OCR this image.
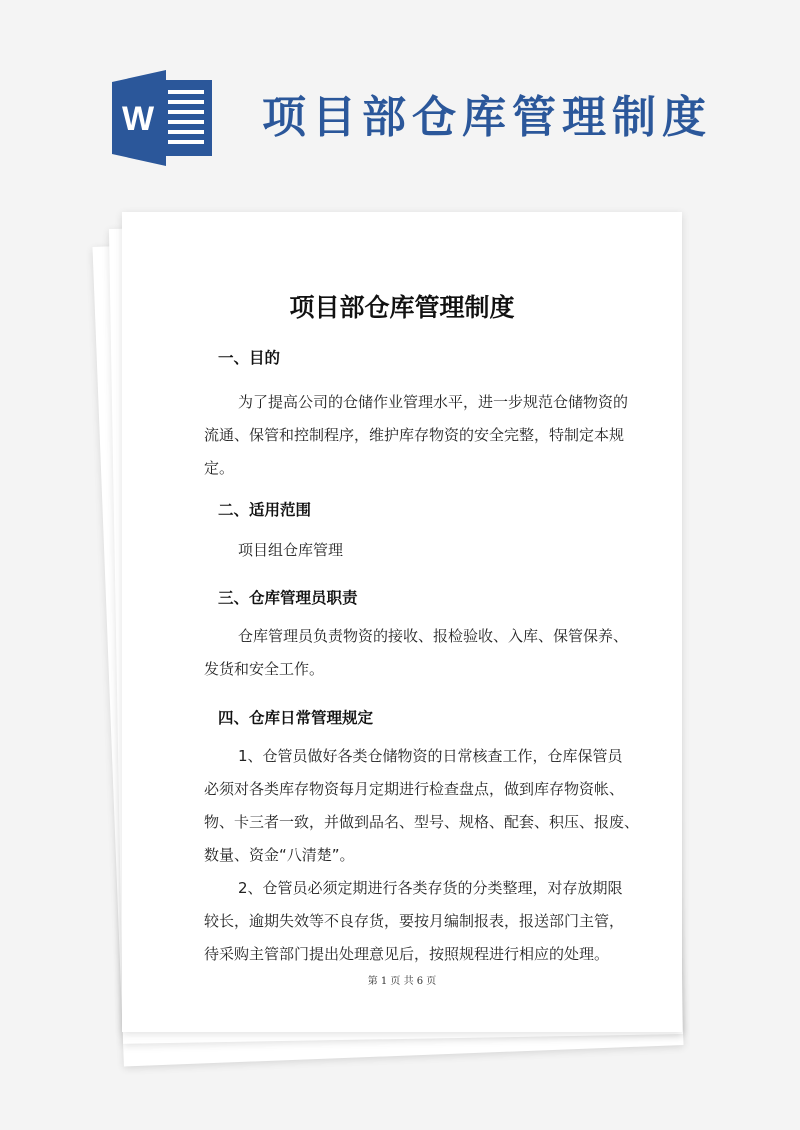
W 项目部仓库管理制度
项目部仓库管理制度
一、目的
为了提高公司的仓储作业管理水平，进一步规范仓储物资的
流通、保管和控制程序，维护库存物资的安全完整，特制定本规
定。
二、适用范围
项目组仓库管理
三、仓库管理员职责
仓库管理员负责物资的接收、报检验收、入库、保管保养、
发货和安全工作。
四、仓库日常管理规定
1、仓管员做好各类仓储物资的日常核查工作，仓库保管员
必须对各类库存物资每月定期进行检查盘点，做到库存物资帐、
物、卡三者一致，并做到品名、型号、规格、配套、积压、报废、
数量、资金“八清楚”。
2、仓管员必须定期进行各类存货的分类整理，对存放期限
较长，逾期失效等不良存货，要按月编制报表，报送部门主管，
待采购主管部门提出处理意见后，按照规程进行相应的处理。
第 1 页 共 6 页
